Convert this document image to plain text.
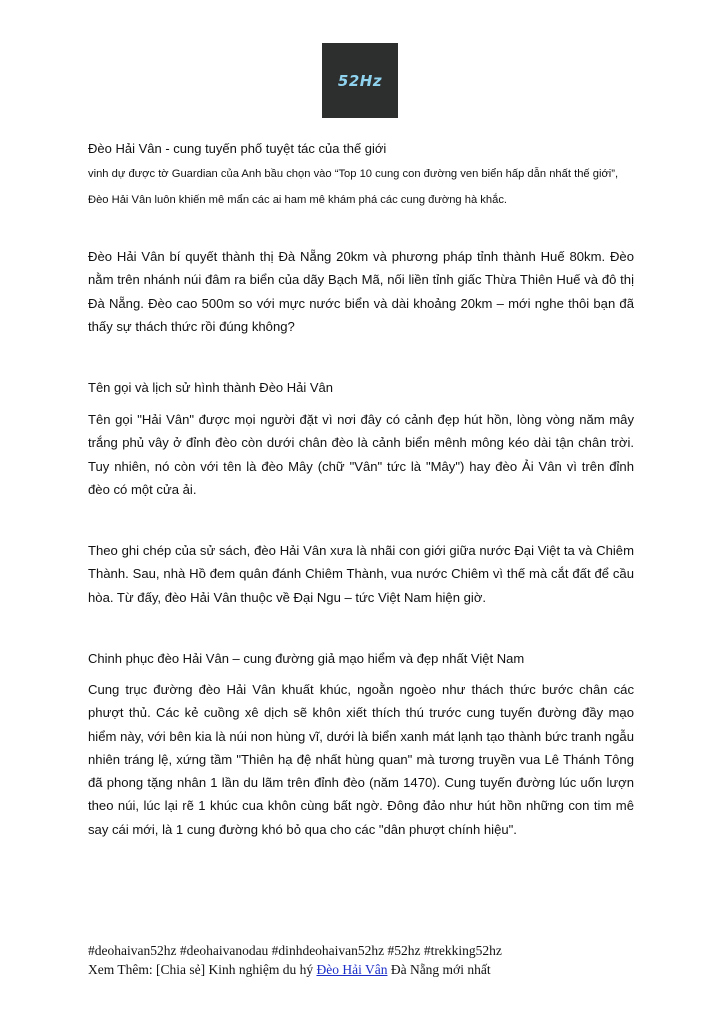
52Hz

Đèo Hải Vân - cung tuyến phố tuyệt tác của thế giới

vinh dự được tờ Guardian của Anh bầu chọn vào “Top 10 cung con đường ven biển hấp dẫn nhất thế giới”, Đèo Hải Vân luôn khiến mê mẩn các ai ham mê khám phá các cung đường hà khắc.

Đèo Hải Vân bí quyết thành thị Đà Nẵng 20km và phương pháp tỉnh thành Huế 80km. Đèo nằm trên nhánh núi đâm ra biển của dãy Bạch Mã, nối liền tỉnh giấc Thừa Thiên Huế và đô thị Đà Nẵng. Đèo cao 500m so với mực nước biển và dài khoảng 20km – mới nghe thôi bạn đã thấy sự thách thức rồi đúng không?

Tên gọi và lịch sử hình thành Đèo Hải Vân

Tên gọi "Hải Vân" được mọi người đặt vì nơi đây có cảnh đẹp hút hồn, lòng vòng năm mây trắng phủ vây ở đỉnh đèo còn dưới chân đèo là cảnh biển mênh mông kéo dài tận chân trời. Tuy nhiên, nó còn với tên là đèo Mây (chữ "Vân" tức là "Mây") hay đèo Ải Vân vì trên đỉnh đèo có một cửa ải.

Theo ghi chép của sử sách, đèo Hải Vân xưa là nhãi con giới giữa nước Đại Việt ta và Chiêm Thành. Sau, nhà Hồ đem quân đánh Chiêm Thành, vua nước Chiêm vì thế mà cắt đất để cầu hòa. Từ đấy, đèo Hải Vân thuộc về Đại Ngu – tức Việt Nam hiện giờ.

Chinh phục đèo Hải Vân – cung đường giả mạo hiểm và đẹp nhất Việt Nam

Cung trục đường đèo Hải Vân khuất khúc, ngoằn ngoèo như thách thức bước chân các phượt thủ. Các kẻ cuồng xê dịch sẽ khôn xiết thích thú trước cung tuyến đường đầy mạo hiểm này, với bên kia là núi non hùng vĩ, dưới là biển xanh mát lạnh tạo thành bức tranh ngẫu nhiên tráng lệ, xứng tầm "Thiên hạ đệ nhất hùng quan" mà tương truyền vua Lê Thánh Tông đã phong tặng nhân 1 lần du lãm trên đỉnh đèo (năm 1470). Cung tuyến đường lúc uốn lượn theo núi, lúc lại rẽ 1 khúc cua khôn cùng bất ngờ. Đông đảo như hút hồn những con tim mê say cái mới, là 1 cung đường khó bỏ qua cho các "dân phượt chính hiệu".

#deohaivan52hz #deohaivanodau #dinhdeohaivan52hz #52hz #trekking52hz

Xem Thêm: [Chia sẻ] Kinh nghiệm du hý Đèo Hải Vân Đà Nẵng mới nhất
